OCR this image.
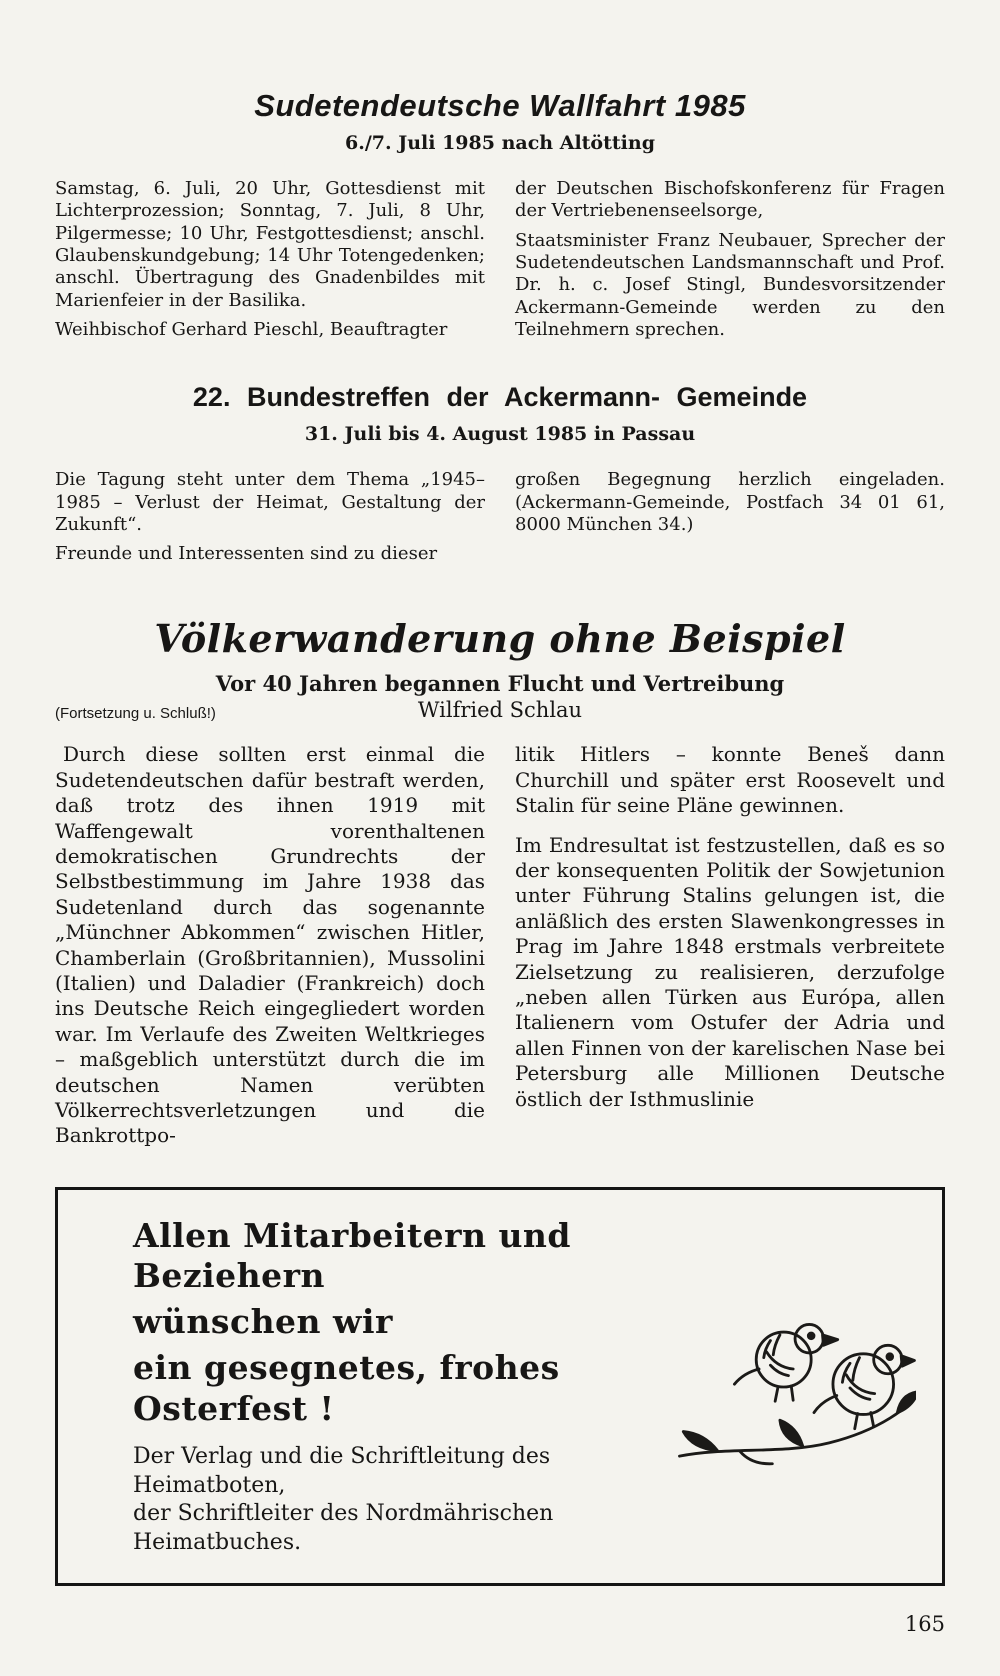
Sudetendeutsche Wallfahrt 1985
6./7. Juli 1985 nach Altötting

Samstag, 6. Juli, 20 Uhr, Gottesdienst mit Lichterprozession; Sonntag, 7. Juli, 8 Uhr, Pilgermesse; 10 Uhr, Festgottesdienst; anschl. Glaubenskundgebung; 14 Uhr Totengedenken; anschl. Übertragung des Gnadenbildes mit Marienfeier in der Basilika.

Weihbischof Gerhard Pieschl, Beauftragter

der Deutschen Bischofskonferenz für Fragen der Vertriebenenseelsorge,

Staatsminister Franz Neubauer, Sprecher der Sudetendeutschen Landsmannschaft und Prof. Dr. h. c. Josef Stingl, Bundesvorsitzender Ackermann-Gemeinde werden zu den Teilnehmern sprechen.

22. Bundestreffen der Ackermann- Gemeinde
31. Juli bis 4. August 1985 in Passau

Die Tagung steht unter dem Thema „1945–1985 – Verlust der Heimat, Gestaltung der Zukunft“.

Freunde und Interessenten sind zu dieser

großen Begegnung herzlich eingeladen. (Ackermann-Gemeinde, Postfach 34 01 61, 8000 München 34.)

Völkerwanderung ohne Beispiel
Vor 40 Jahren begannen Flucht und Vertreibung
(Fortsetzung u. Schluß!)	Wilfried Schlau

Durch diese sollten erst einmal die Sudetendeutschen dafür bestraft werden, daß trotz des ihnen 1919 mit Waffengewalt vorenthaltenen demokratischen Grundrechts der Selbstbestimmung im Jahre 1938 das Sudetenland durch das sogenannte „Münchner Abkommen“ zwischen Hitler, Chamberlain (Großbritannien), Mussolini (Italien) und Daladier (Frankreich) doch ins Deutsche Reich eingegliedert worden war. Im Verlaufe des Zweiten Weltkrieges – maßgeblich unterstützt durch die im deutschen Namen verübten Völkerrechtsverletzungen und die Bankrottpo-

litik Hitlers – konnte Beneš dann Churchill und später erst Roosevelt und Stalin für seine Pläne gewinnen.

Im Endresultat ist festzustellen, daß es so der konsequenten Politik der Sowjetunion unter Führung Stalins gelungen ist, die anläßlich des ersten Slawenkongresses in Prag im Jahre 1848 erstmals verbreitete Zielsetzung zu realisieren, derzufolge „neben allen Türken aus Európa, allen Italienern vom Ostufer der Adria und allen Finnen von der karelischen Nase bei Petersburg alle Millionen Deutsche östlich der Isthmuslinie

Allen Mitarbeitern und Beziehern

wünschen wir

ein gesegnetes, frohes Osterfest !

Der Verlag und die Schriftleitung des Heimatboten,

der Schriftleiter des Nordmährischen Heimatbuches.

165
